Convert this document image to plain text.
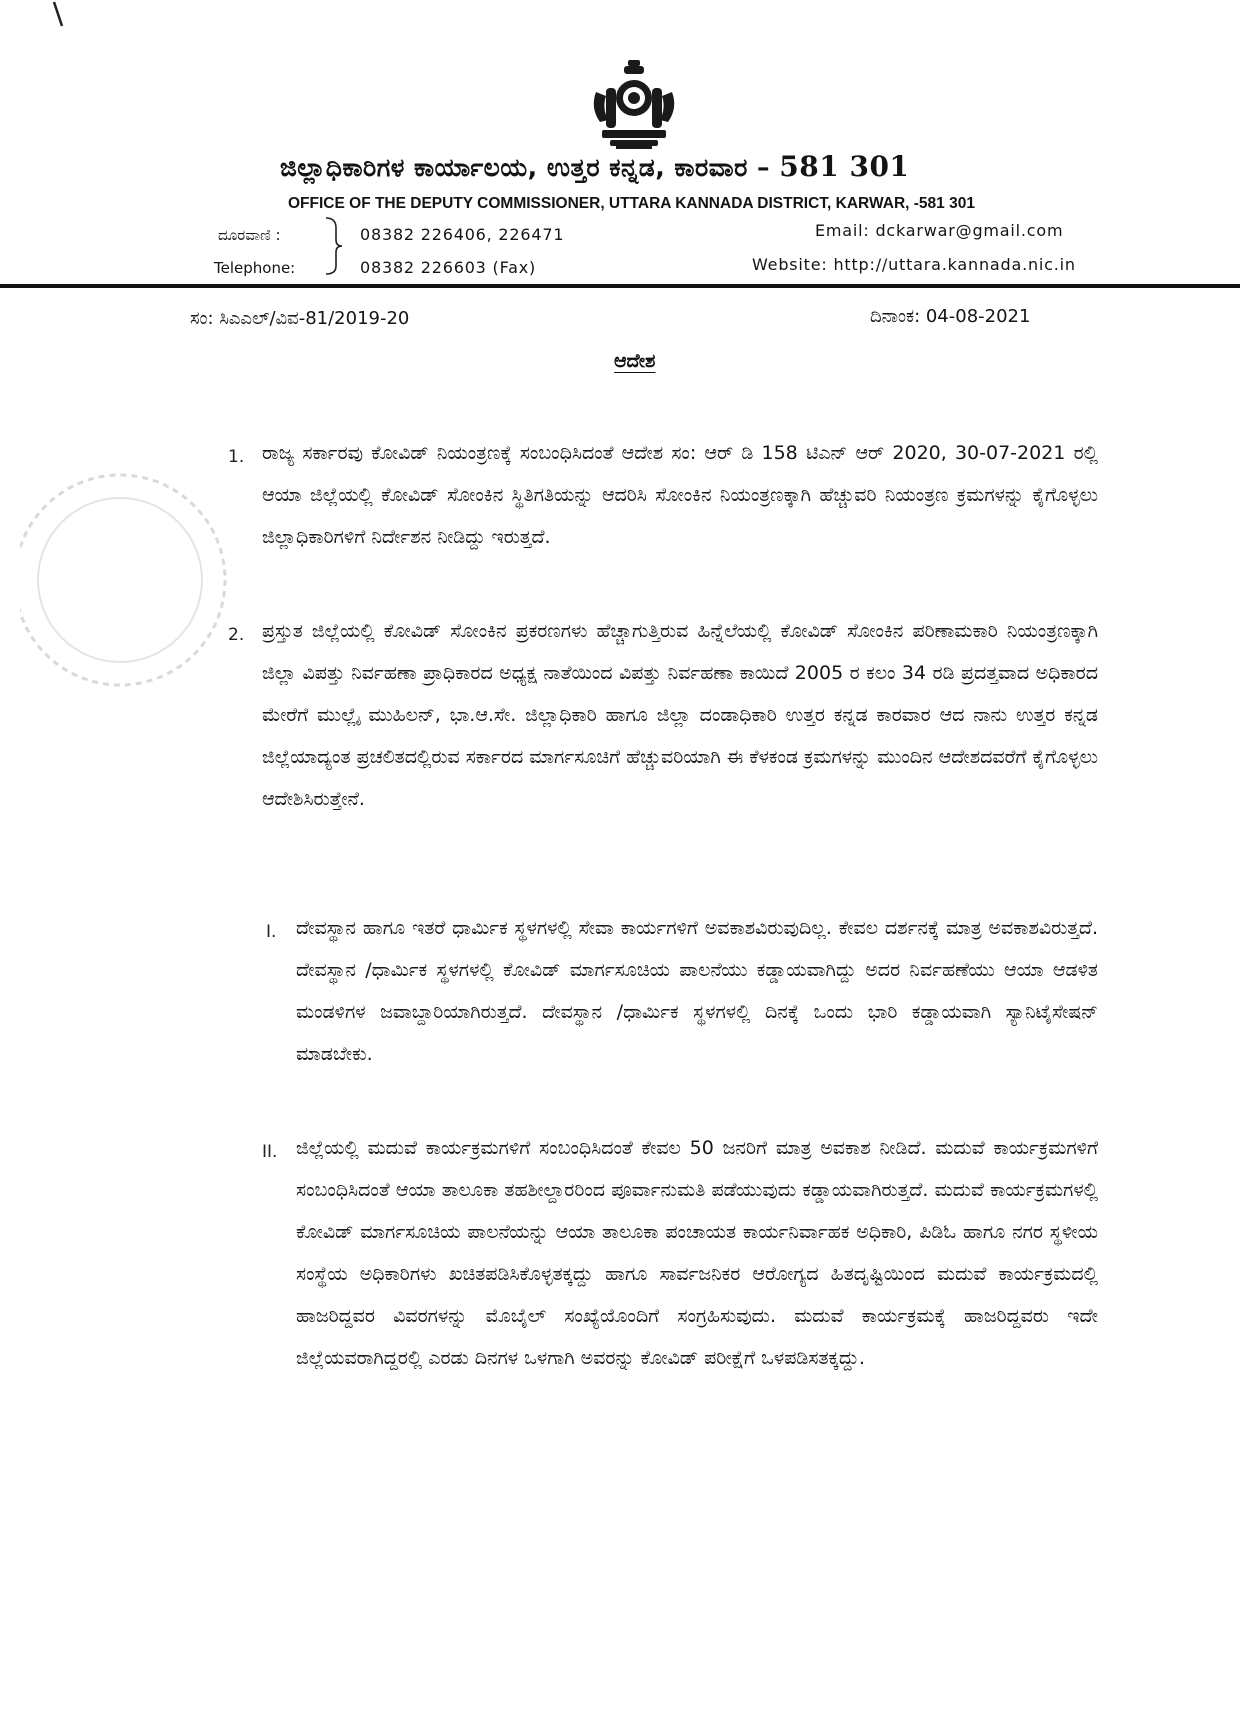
ಜಿಲ್ಲಾಧಿಕಾರಿಗಳ ಕಾರ್ಯಾಲಯ, ಉತ್ತರ ಕನ್ನಡ, ಕಾರವಾರ – 581 301
OFFICE OF THE DEPUTY COMMISSIONER, UTTARA KANNADA DISTRICT, KARWAR, -581 301
ದೂರವಾಣಿ :
Telephone:
08382 226406, 226471
08382 226603 (Fax)
Email: dckarwar@gmail.com
Website: http://uttara.kannada.nic.in
ಸಂ: ಸಿಎಎಲ್/ವಿವ-81/2019-20	ದಿನಾಂಕ: 04-08-2021
ಆದೇಶ
1. ರಾಜ್ಯ ಸರ್ಕಾರವು ಕೋವಿಡ್ ನಿಯಂತ್ರಣಕ್ಕೆ ಸಂಬಂಧಿಸಿದಂತೆ ಆದೇಶ ಸಂ: ಆರ್ ಡಿ 158 ಟಿಎನ್ ಆರ್ 2020, 30-07-2021 ರಲ್ಲಿ ಆಯಾ ಜಿಲ್ಲೆಯಲ್ಲಿ ಕೋವಿಡ್ ಸೋಂಕಿನ ಸ್ಥಿತಿಗತಿಯನ್ನು ಆದರಿಸಿ ಸೋಂಕಿನ ನಿಯಂತ್ರಣಕ್ಕಾಗಿ ಹೆಚ್ಚುವರಿ ನಿಯಂತ್ರಣ ಕ್ರಮಗಳನ್ನು ಕೈಗೊಳ್ಳಲು ಜಿಲ್ಲಾಧಿಕಾರಿಗಳಿಗೆ ನಿರ್ದೇಶನ ನೀಡಿದ್ದು ಇರುತ್ತದೆ.
2. ಪ್ರಸ್ತುತ ಜಿಲ್ಲೆಯಲ್ಲಿ ಕೋವಿಡ್ ಸೋಂಕಿನ ಪ್ರಕರಣಗಳು ಹೆಚ್ಚಾಗುತ್ತಿರುವ ಹಿನ್ನೆಲೆಯಲ್ಲಿ ಕೋವಿಡ್ ಸೋಂಕಿನ ಪರಿಣಾಮಕಾರಿ ನಿಯಂತ್ರಣಕ್ಕಾಗಿ ಜಿಲ್ಲಾ ವಿಪತ್ತು ನಿರ್ವಹಣಾ ಪ್ರಾಧಿಕಾರದ ಅಧ್ಯಕ್ಷ ನಾತೆಯಿಂದ ವಿಪತ್ತು ನಿರ್ವಹಣಾ ಕಾಯಿದೆ 2005 ರ ಕಲಂ 34 ರಡಿ ಪ್ರದತ್ತವಾದ ಅಧಿಕಾರದ ಮೇರೆಗೆ ಮುಲ್ಲೈ ಮುಹಿಲನ್, ಭಾ.ಆ.ಸೇ. ಜಿಲ್ಲಾಧಿಕಾರಿ ಹಾಗೂ ಜಿಲ್ಲಾ ದಂಡಾಧಿಕಾರಿ ಉತ್ತರ ಕನ್ನಡ ಕಾರವಾರ ಆದ ನಾನು ಉತ್ತರ ಕನ್ನಡ ಜಿಲ್ಲೆಯಾದ್ಯಂತ ಪ್ರಚಲಿತದಲ್ಲಿರುವ ಸರ್ಕಾರದ ಮಾರ್ಗಸೂಚಿಗೆ ಹೆಚ್ಚುವರಿಯಾಗಿ ಈ ಕೆಳಕಂಡ ಕ್ರಮಗಳನ್ನು ಮುಂದಿನ ಆದೇಶದವರೆಗೆ ಕೈಗೊಳ್ಳಲು ಆದೇಶಿಸಿರುತ್ತೇನೆ.
I. ದೇವಸ್ಥಾನ ಹಾಗೂ ಇತರೆ ಧಾರ್ಮಿಕ ಸ್ಥಳಗಳಲ್ಲಿ ಸೇವಾ ಕಾರ್ಯಗಳಿಗೆ ಅವಕಾಶವಿರುವುದಿಲ್ಲ. ಕೇವಲ ದರ್ಶನಕ್ಕೆ ಮಾತ್ರ ಅವಕಾಶವಿರುತ್ತದೆ. ದೇವಸ್ಥಾನ /ಧಾರ್ಮಿಕ ಸ್ಥಳಗಳಲ್ಲಿ ಕೋವಿಡ್ ಮಾರ್ಗಸೂಚಿಯ ಪಾಲನೆಯು ಕಡ್ಡಾಯವಾಗಿದ್ದು ಅದರ ನಿರ್ವಹಣೆಯು ಆಯಾ ಆಡಳಿತ ಮಂಡಳಿಗಳ ಜವಾಬ್ದಾರಿಯಾಗಿರುತ್ತದೆ. ದೇವಸ್ಥಾನ /ಧಾರ್ಮಿಕ ಸ್ಥಳಗಳಲ್ಲಿ ದಿನಕ್ಕೆ ಒಂದು ಭಾರಿ ಕಡ್ಡಾಯವಾಗಿ ಸ್ಯಾನಿಟೈಸೇಷನ್ ಮಾಡಬೇಕು.
II. ಜಿಲ್ಲೆಯಲ್ಲಿ ಮದುವೆ ಕಾರ್ಯಕ್ರಮಗಳಿಗೆ ಸಂಬಂಧಿಸಿದಂತೆ ಕೇವಲ 50 ಜನರಿಗೆ ಮಾತ್ರ ಅವಕಾಶ ನೀಡಿದೆ. ಮದುವೆ ಕಾರ್ಯಕ್ರಮಗಳಿಗೆ ಸಂಬಂಧಿಸಿದಂತೆ ಆಯಾ ತಾಲೂಕಾ ತಹಶೀಲ್ದಾರರಿಂದ ಪೂರ್ವಾನುಮತಿ ಪಡೆಯುವುದು ಕಡ್ಡಾಯವಾಗಿರುತ್ತದೆ. ಮದುವೆ ಕಾರ್ಯಕ್ರಮಗಳಲ್ಲಿ ಕೋವಿಡ್ ಮಾರ್ಗಸೂಚಿಯ ಪಾಲನೆಯನ್ನು ಆಯಾ ತಾಲೂಕಾ ಪಂಚಾಯತ ಕಾರ್ಯನಿರ್ವಾಹಕ ಅಧಿಕಾರಿ, ಪಿಡಿಓ ಹಾಗೂ ನಗರ ಸ್ಥಳೀಯ ಸಂಸ್ಥೆಯ ಅಧಿಕಾರಿಗಳು ಖಚಿತಪಡಿಸಿಕೊಳ್ಳತಕ್ಕದ್ದು ಹಾಗೂ ಸಾರ್ವಜನಿಕರ ಆರೋಗ್ಯದ ಹಿತದೃಷ್ಟಿಯಿಂದ ಮದುವೆ ಕಾರ್ಯಕ್ರಮದಲ್ಲಿ ಹಾಜರಿದ್ದವರ ವಿವರಗಳನ್ನು ಮೊಬೈಲ್ ಸಂಖ್ಯೆಯೊಂದಿಗೆ ಸಂಗ್ರಹಿಸುವುದು. ಮದುವೆ ಕಾರ್ಯಕ್ರಮಕ್ಕೆ ಹಾಜರಿದ್ದವರು ಇದೇ ಜಿಲ್ಲೆಯವರಾಗಿದ್ದರಲ್ಲಿ ಎರಡು ದಿನಗಳ ಒಳಗಾಗಿ ಅವರನ್ನು ಕೋವಿಡ್ ಪರೀಕ್ಷೆಗೆ ಒಳಪಡಿಸತಕ್ಕದ್ದು.
